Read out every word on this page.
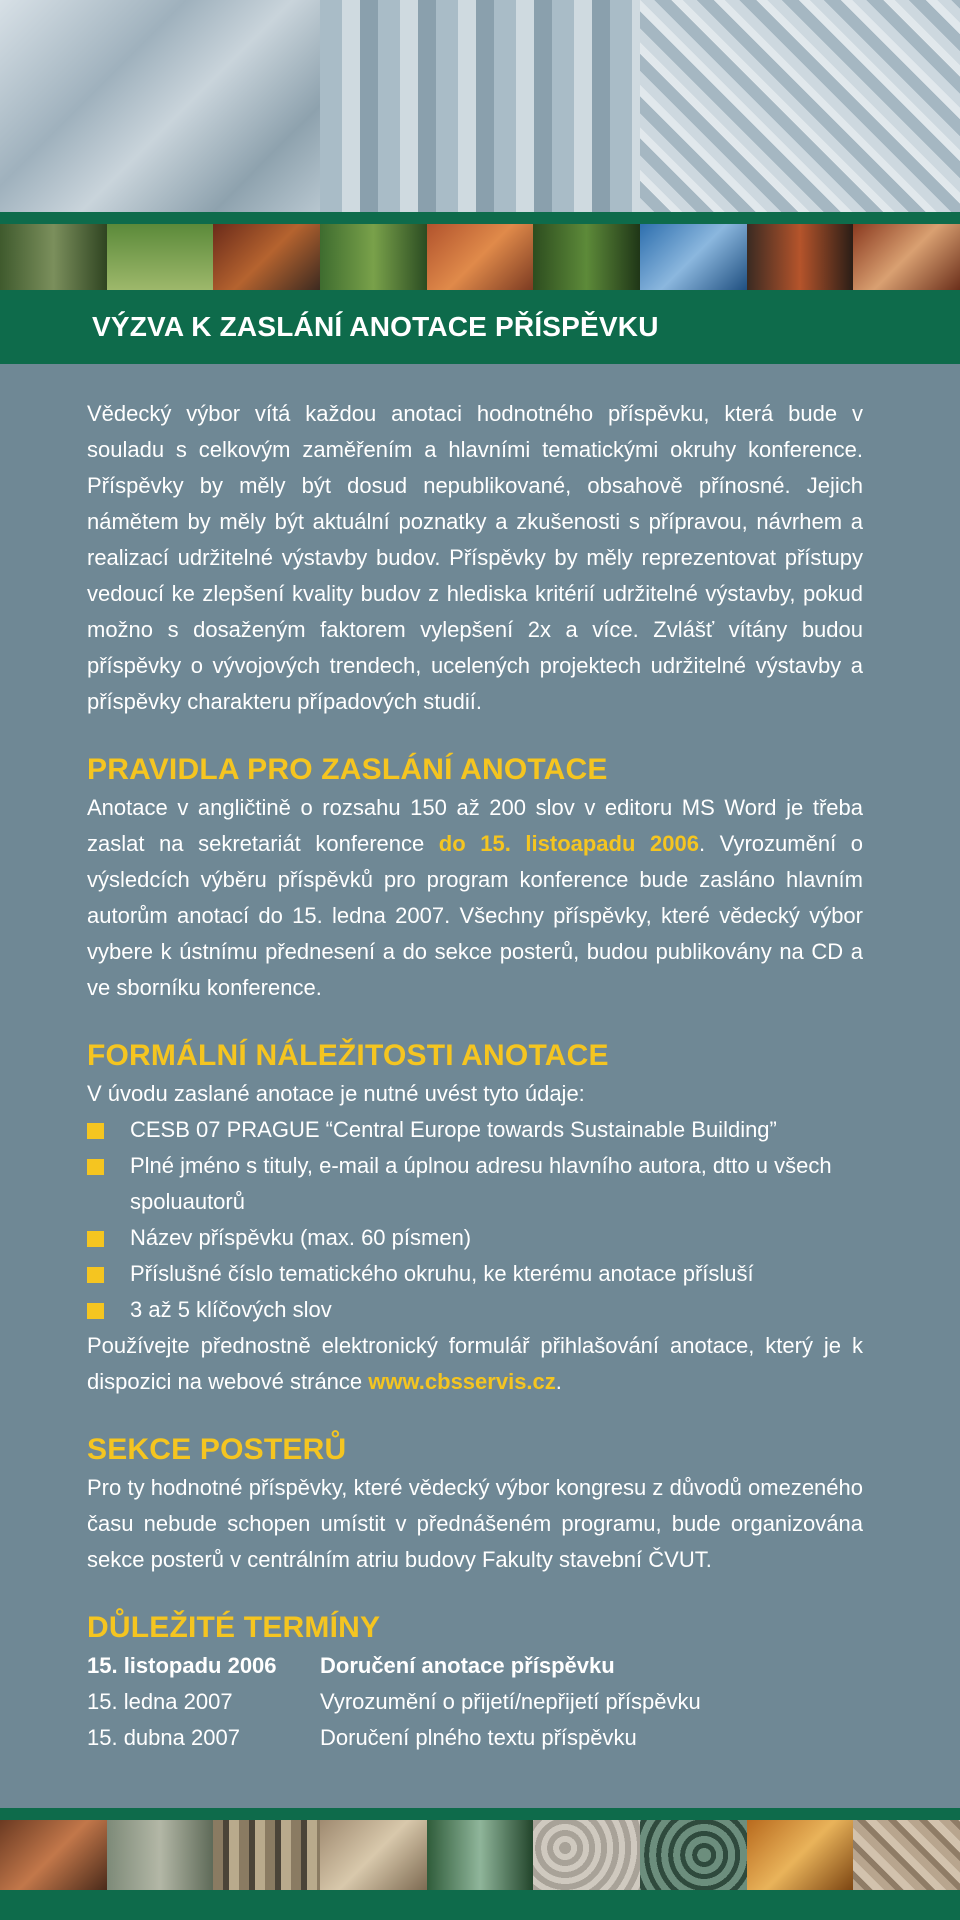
VÝZVA K ZASLÁNÍ ANOTACE PŘÍSPĚVKU

Vědecký výbor vítá každou anotaci hodnotného příspěvku, která bude v souladu s celkovým zaměřením a hlavními tematickými okruhy konference. Příspěvky by měly být dosud nepublikované, obsahově přínosné. Jejich námětem by měly být aktuální poznatky a zkušenosti s přípravou, návrhem a realizací udržitelné výstavby budov. Příspěvky by měly reprezentovat přístupy vedoucí ke zlepšení kvality budov z hlediska kritérií udržitelné výstavby, pokud možno s dosaženým faktorem vylepšení 2x a více. Zvlášť vítány budou příspěvky o vývojových trendech, ucelených projektech udržitelné výstavby a příspěvky charakteru případových studií.

PRAVIDLA PRO ZASLÁNÍ ANOTACE

Anotace v angličtině o rozsahu 150 až 200 slov v editoru MS Word je třeba zaslat na sekretariát konference do 15. listoapadu 2006. Vyrozumění o výsledcích výběru příspěvků pro program konference bude zasláno hlavním autorům anotací do 15. ledna 2007. Všechny příspěvky, které vědecký výbor vybere k ústnímu přednesení a do sekce posterů, budou publikovány na CD a ve sborníku konference.

FORMÁLNÍ NÁLEŽITOSTI ANOTACE

V úvodu zaslané anotace je nutné uvést tyto údaje:

CESB 07 PRAGUE “Central Europe towards Sustainable Building”
Plné jméno s tituly, e-mail a úplnou adresu hlavního autora, dtto u všech spoluautorů
Název příspěvku (max. 60 písmen)
Příslušné číslo tematického okruhu, ke kterému anotace přísluší
3 až 5 klíčových slov

Používejte přednostně elektronický formulář přihlašování anotace, který je k dispozici na webové stránce www.cbsservis.cz.

SEKCE POSTERŮ

Pro ty hodnotné příspěvky, které vědecký výbor kongresu z důvodů omezeného času nebude schopen umístit v přednášeném programu, bude organizována sekce posterů v centrálním atriu budovy Fakulty stavební ČVUT.

DŮLEŽITÉ TERMÍNY
15. listopadu 2006	Doručení anotace příspěvku
15. ledna 2007	Vyrozumění o přijetí/nepřijetí příspěvku
15. dubna 2007	Doručení plného textu příspěvku
